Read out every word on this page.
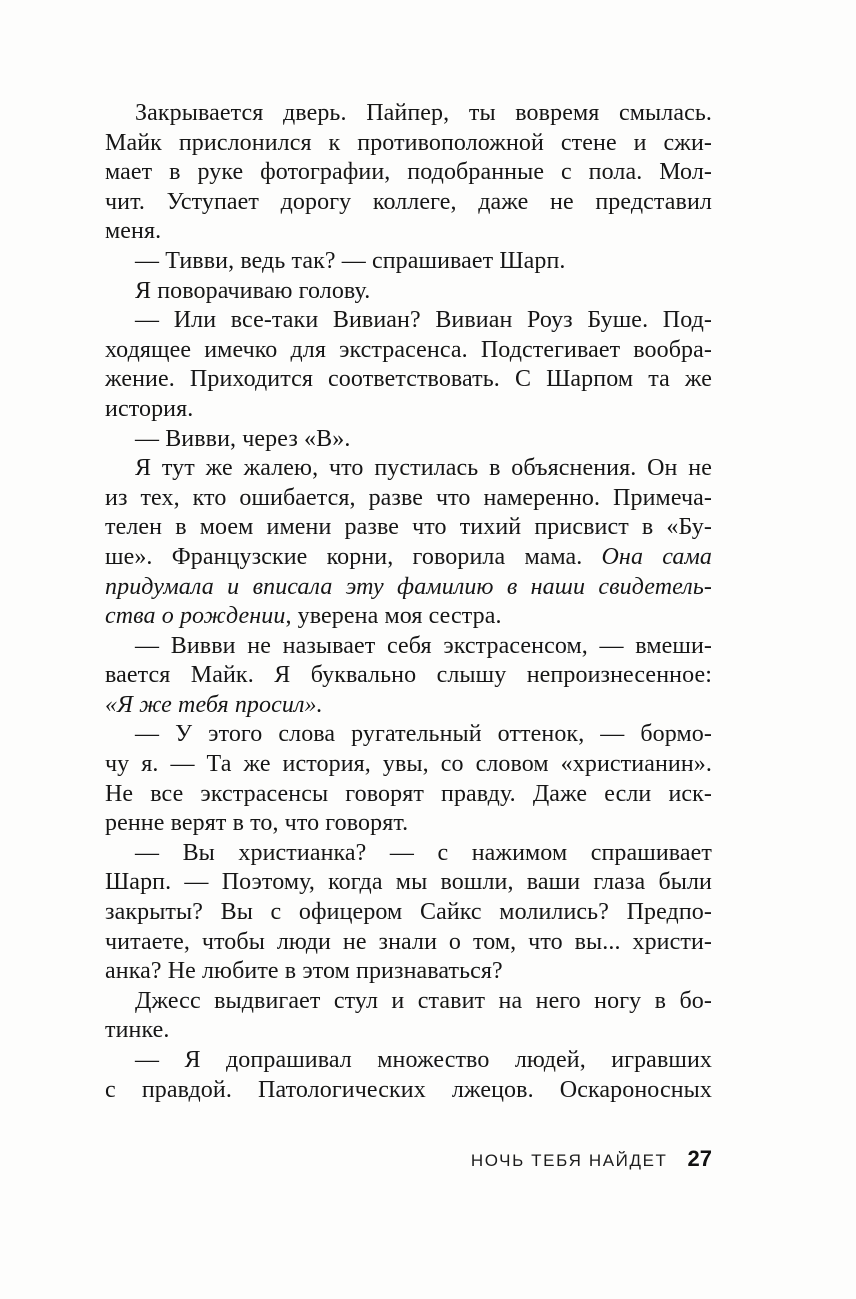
Закрывается дверь. Пайпер, ты вовремя смылась.
Майк прислонился к противоположной стене и сжи-
мает в руке фотографии, подобранные с пола. Мол-
чит. Уступает дорогу коллеге, даже не представил
меня.
— Тивви, ведь так? — спрашивает Шарп.
Я поворачиваю голову.
— Или все-таки Вивиан? Вивиан Роуз Буше. Под-
ходящее имечко для экстрасенса. Подстегивает вообра-
жение. Приходится соответствовать. С Шарпом та же
история.
— Вивви, через «В».
Я тут же жалею, что пустилась в объяснения. Он не
из тех, кто ошибается, разве что намеренно. Примеча-
телен в моем имени разве что тихий присвист в «Бу-
ше». Французские корни, говорила мама. Она сама
придумала и вписала эту фамилию в наши свидетель-
ства о рождении, уверена моя сестра.
— Вивви не называет себя экстрасенсом, — вмеши-
вается Майк. Я буквально слышу непроизнесенное:
«Я же тебя просил».
— У этого слова ругательный оттенок, — бормо-
чу я. — Та же история, увы, со словом «христианин».
Не все экстрасенсы говорят правду. Даже если иск-
ренне верят в то, что говорят.
— Вы христианка? — с нажимом спрашивает
Шарп. — Поэтому, когда мы вошли, ваши глаза были
закрыты? Вы с офицером Сайкс молились? Предпо-
читаете, чтобы люди не знали о том, что вы... христи-
анка? Не любите в этом признаваться?
Джесс выдвигает стул и ставит на него ногу в бо-
тинке.
— Я допрашивал множество людей, игравших
с правдой. Патологических лжецов. Оскароносных
НОЧЬ ТЕБЯ НАЙДЕТ 27
